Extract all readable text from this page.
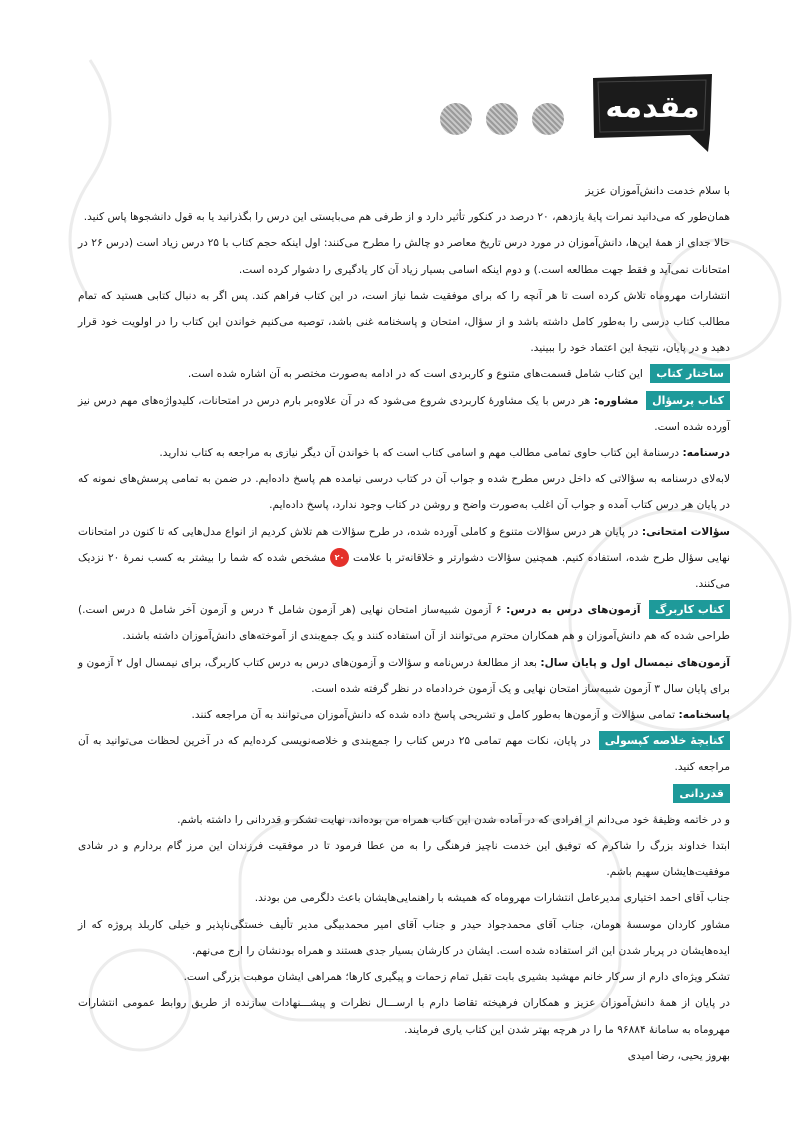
مقدمه

با سلام خدمت دانش‌آموزان عزیز

همان‌طور که می‌دانید نمرات پایهٔ یازدهم، ۲۰ درصد در کنکور تأثیر دارد و از طرفی هم می‌بایستی این درس را بگذرانید یا به قول دانشجوها پاس کنید.

حالا جدای از همهٔ این‌ها، دانش‌آموزان در مورد درس تاریخ معاصر دو چالش را مطرح می‌کنند: اول اینکه حجم کتاب با ۲۵ درس زیاد است (درس ۲۶ در امتحانات نمی‌آید و فقط جهت مطالعه است.) و دوم اینکه اسامی بسیار زیاد آن کار یادگیری را دشوار کرده است.

انتشارات مهروماه تلاش کرده است تا هر آنچه را که برای موفقیت شما نیاز است، در این کتاب فراهم کند. پس اگر به دنبال کتابی هستید که تمام مطالب کتاب درسی را به‌طور کامل داشته باشد و از سؤال، امتحان و پاسخنامه غنی باشد، توصیه می‌کنیم خواندن این کتاب را در اولویت خود قرار دهید و در پایان، نتیجهٔ این اعتماد خود را ببینید.

ساختار کتاب این کتاب شامل قسمت‌های متنوع و کاربردی است که در ادامه به‌صورت مختصر به آن اشاره شده است.

کتاب پرسؤال مشاوره: هر درس با یک مشاورهٔ کاربردی شروع می‌شود که در آن علاوه‌بر بارم درس در امتحانات، کلیدواژه‌های مهم درس نیز آورده شده است.

درسنامه: درسنامهٔ این کتاب حاوی تمامی مطالب مهم و اسامی کتاب است که با خواندن آن دیگر نیازی به مراجعه به کتاب ندارید.

لابه‌لای درسنامه به سؤالاتی که داخل درس مطرح شده و جواب آن در کتاب درسی نیامده هم پاسخ داده‌ایم. در ضمن به تمامی پرسش‌های نمونه که در پایان هر درس کتاب آمده و جواب آن اغلب به‌صورت واضح و روشن در کتاب وجود ندارد، پاسخ داده‌ایم.

سؤالات امتحانی: در پایان هر درس سؤالات متنوع و کاملی آورده شده، در طرح سؤالات هم تلاش کردیم از انواع مدل‌هایی که تا کنون در امتحانات نهایی سؤال طرح شده، استفاده کنیم. همچنین سؤالات دشوارتر و خلاقانه‌تر با علامت ۲۰ مشخص شده که شما را بیشتر به کسب نمرهٔ ۲۰ نزدیک می‌کنند.

کتاب کاربرگ آزمون‌های درس به درس: ۶ آزمون شبیه‌ساز امتحان نهایی (هر آزمون شامل ۴ درس و آزمون آخر شامل ۵ درس است.) طراحی شده که هم دانش‌آموزان و هم همکاران محترم می‌توانند از آن استفاده کنند و یک جمع‌بندی از آموخته‌های دانش‌آموزان داشته باشند.

آزمون‌های نیمسال اول و پایان سال: بعد از مطالعهٔ درس‌نامه و سؤالات و آزمون‌های درس به درس کتاب کاربرگ، برای نیمسال اول ۲ آزمون و برای پایان سال ۳ آزمون شبیه‌ساز امتحان نهایی و یک آزمون خردادماه در نظر گرفته شده است.

پاسخنامه: تمامی سؤالات و آزمون‌ها به‌طور کامل و تشریحی پاسخ داده شده که دانش‌آموزان می‌توانند به آن مراجعه کنند.

کتابچهٔ خلاصه کپسولی در پایان، نکات مهم تمامی ۲۵ درس کتاب را جمع‌بندی و خلاصه‌نویسی کرده‌ایم که در آخرین لحظات می‌توانید به آن مراجعه کنید.

قدردانی

و در خاتمه وظیفهٔ خود می‌دانم از افرادی که در آماده شدن این کتاب همراه من بوده‌اند، نهایت تشکر و قدردانی را داشته باشم.

ابتدا خداوند بزرگ را شاکرم که توفیق این خدمت ناچیز فرهنگی را به من عطا فرمود تا در موفقیت فرزندان این مرز گام بردارم و در شادی موفقیت‌هایشان سهیم باشم.

جناب آقای احمد اختیاری مدیرعامل انتشارات مهروماه که همیشه با راهنمایی‌هایشان باعث دلگرمی من بودند.

مشاور کاردان موسسهٔ هومان، جناب آقای محمدجواد حیدر و جناب آقای امیر محمدبیگی مدیر تألیف خستگی‌ناپذیر و خیلی کاربلد پروژه که از ایده‌هایشان در پربار شدن این اثر استفاده شده است. ایشان در کارشان بسیار جدی هستند و همراه بودنشان را ارج می‌نهم.

تشکر ویژه‌ای دارم از سرکار خانم مهشید بشیری بابت تقبل تمام زحمات و پیگیری کارها؛ همراهی ایشان موهبت بزرگی است.

در پایان از همهٔ دانش‌آموزان عزیز و همکاران فرهیخته تقاضا دارم با ارســـال نظرات و پیشـــنهادات سازنده از طریق روابط عمومی انتشارات مهروماه به سامانهٔ ۹۶۸۸۴ ما را در هرچه بهتر شدن این کتاب یاری فرمایند.

بهروز یحیی، رضا امیدی
